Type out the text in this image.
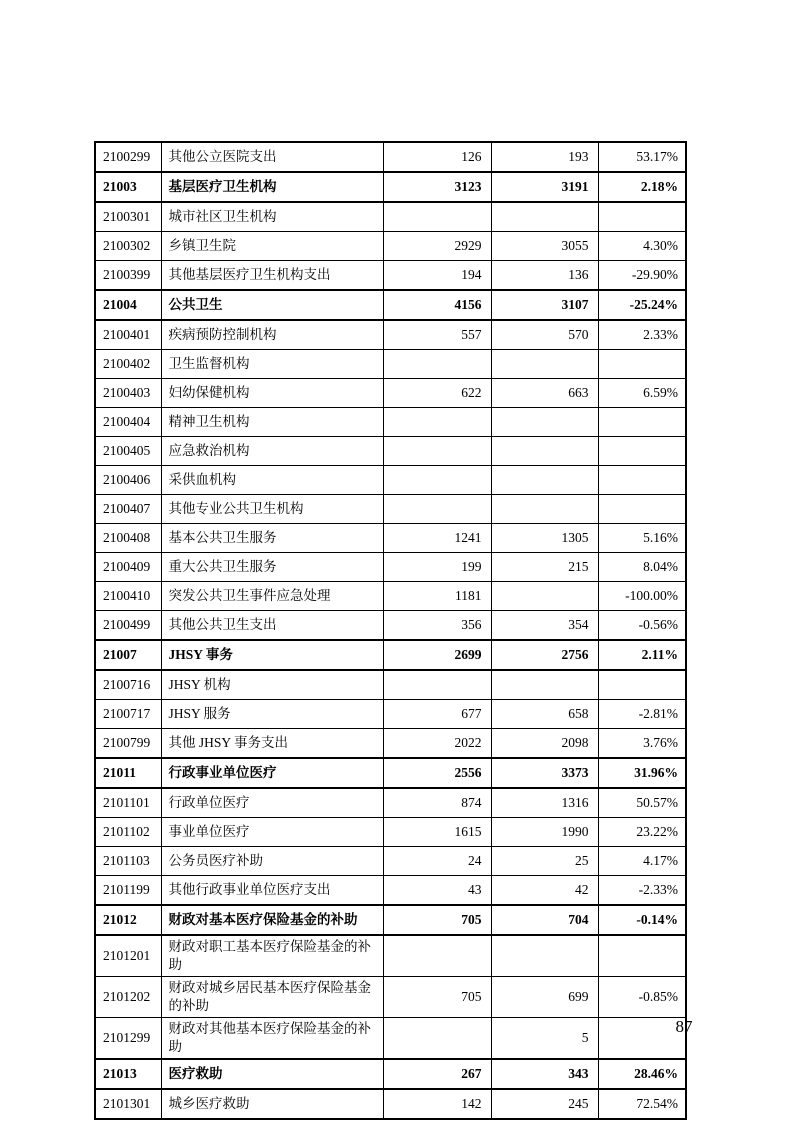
2100299	其他公立医院支出	126	193	53.17%
21003	基层医疗卫生机构	3123	3191	2.18%
2100301	城市社区卫生机构			
2100302	乡镇卫生院	2929	3055	4.30%
2100399	其他基层医疗卫生机构支出	194	136	-29.90%
21004	公共卫生	4156	3107	-25.24%
2100401	疾病预防控制机构	557	570	2.33%
2100402	卫生监督机构			
2100403	妇幼保健机构	622	663	6.59%
2100404	精神卫生机构			
2100405	应急救治机构			
2100406	采供血机构			
2100407	其他专业公共卫生机构			
2100408	基本公共卫生服务	1241	1305	5.16%
2100409	重大公共卫生服务	199	215	8.04%
2100410	突发公共卫生事件应急处理	1181		-100.00%
2100499	其他公共卫生支出	356	354	-0.56%
21007	JHSY 事务	2699	2756	2.11%
2100716	JHSY 机构			
2100717	JHSY 服务	677	658	-2.81%
2100799	其他 JHSY 事务支出	2022	2098	3.76%
21011	行政事业单位医疗	2556	3373	31.96%
2101101	行政单位医疗	874	1316	50.57%
2101102	事业单位医疗	1615	1990	23.22%
2101103	公务员医疗补助	24	25	4.17%
2101199	其他行政事业单位医疗支出	43	42	-2.33%
21012	财政对基本医疗保险基金的补助	705	704	-0.14%
2101201	财政对职工基本医疗保险基金的补助			
2101202	财政对城乡居民基本医疗保险基金的补助	705	699	-0.85%
2101299	财政对其他基本医疗保险基金的补助		5	
21013	医疗救助	267	343	28.46%
2101301	城乡医疗救助	142	245	72.54%
87
